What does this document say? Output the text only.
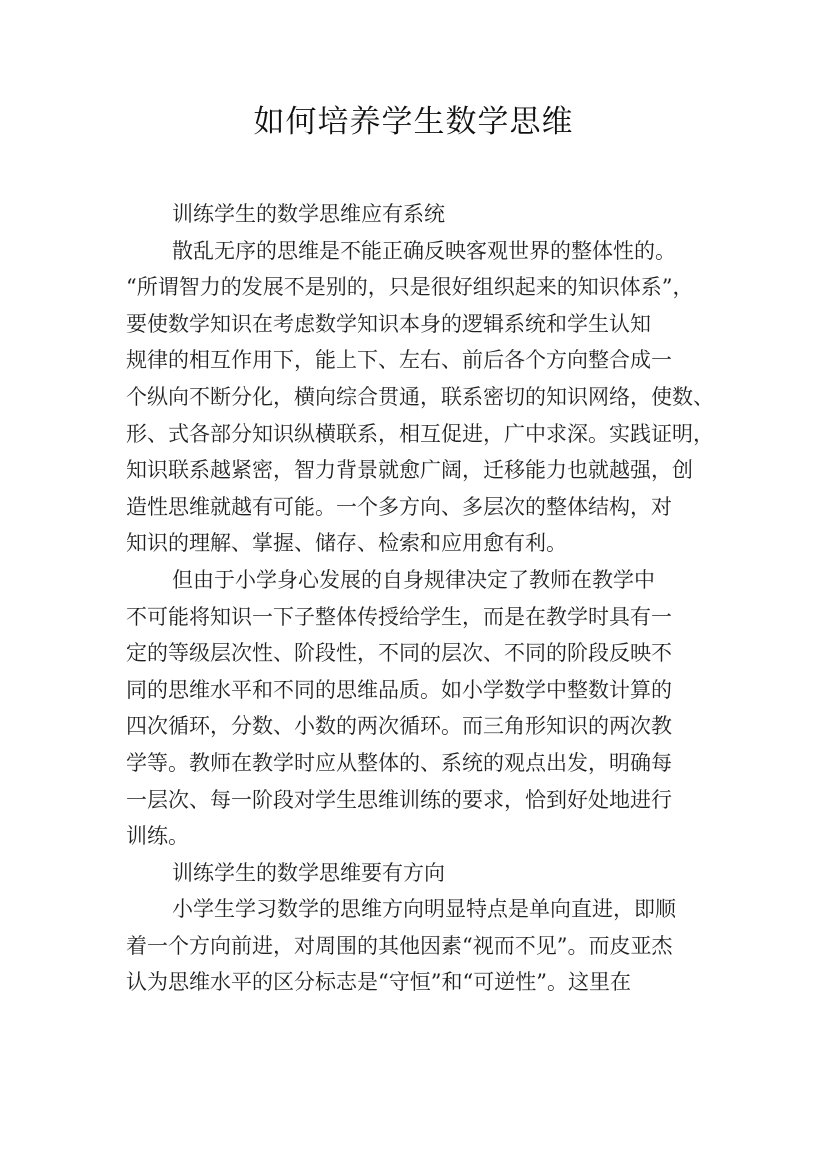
如何培养学生数学思维
训练学生的数学思维应有系统
散乱无序的思维是不能正确反映客观世界的整体性的。
“所谓智力的发展不是别的，只是很好组织起来的知识体系”，
要使数学知识在考虑数学知识本身的逻辑系统和学生认知
规律的相互作用下，能上下、左右、前后各个方向整合成一
个纵向不断分化，横向综合贯通，联系密切的知识网络，使数、
形、式各部分知识纵横联系，相互促进，广中求深。实践证明，
知识联系越紧密，智力背景就愈广阔，迁移能力也就越强，创
造性思维就越有可能。一个多方向、多层次的整体结构，对
知识的理解、掌握、储存、检索和应用愈有利。
但由于小学身心发展的自身规律决定了教师在教学中
不可能将知识一下子整体传授给学生，而是在教学时具有一
定的等级层次性、阶段性，不同的层次、不同的阶段反映不
同的思维水平和不同的思维品质。如小学数学中整数计算的
四次循环，分数、小数的两次循环。而三角形知识的两次教
学等。教师在教学时应从整体的、系统的观点出发，明确每
一层次、每一阶段对学生思维训练的要求，恰到好处地进行
训练。
训练学生的数学思维要有方向
小学生学习数学的思维方向明显特点是单向直进，即顺
着一个方向前进，对周围的其他因素“视而不见”。而皮亚杰
认为思维水平的区分标志是“守恒”和“可逆性”。这里在
